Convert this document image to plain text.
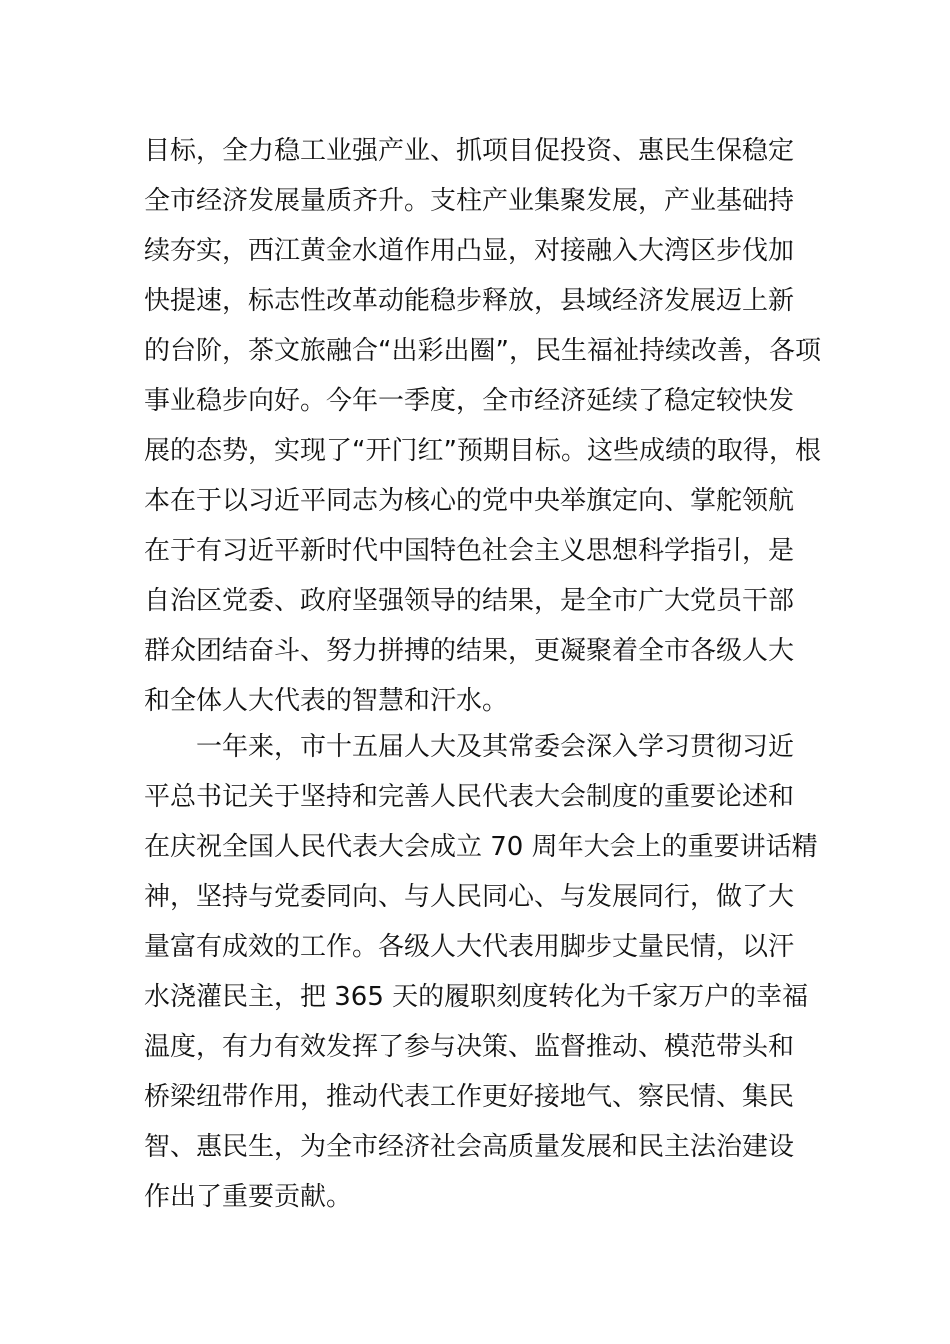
目标，全力稳工业强产业、抓项目促投资、惠民生保稳定
全市经济发展量质齐升。支柱产业集聚发展，产业基础持
续夯实，西江黄金水道作用凸显，对接融入大湾区步伐加
快提速，标志性改革动能稳步释放，县域经济发展迈上新
的台阶，茶文旅融合“出彩出圈”，民生福祉持续改善，各项
事业稳步向好。今年一季度，全市经济延续了稳定较快发
展的态势，实现了“开门红”预期目标。这些成绩的取得，根
本在于以习近平同志为核心的党中央举旗定向、掌舵领航
在于有习近平新时代中国特色社会主义思想科学指引，是
自治区党委、政府坚强领导的结果，是全市广大党员干部
群众团结奋斗、努力拼搏的结果，更凝聚着全市各级人大
和全体人大代表的智慧和汗水。
　　一年来，市十五届人大及其常委会深入学习贯彻习近
平总书记关于坚持和完善人民代表大会制度的重要论述和
在庆祝全国人民代表大会成立 70 周年大会上的重要讲话精
神，坚持与党委同向、与人民同心、与发展同行，做了大
量富有成效的工作。各级人大代表用脚步丈量民情，以汗
水浇灌民主，把 365 天的履职刻度转化为千家万户的幸福
温度，有力有效发挥了参与决策、监督推动、模范带头和
桥梁纽带作用，推动代表工作更好接地气、察民情、集民
智、惠民生，为全市经济社会高质量发展和民主法治建设
作出了重要贡献。
